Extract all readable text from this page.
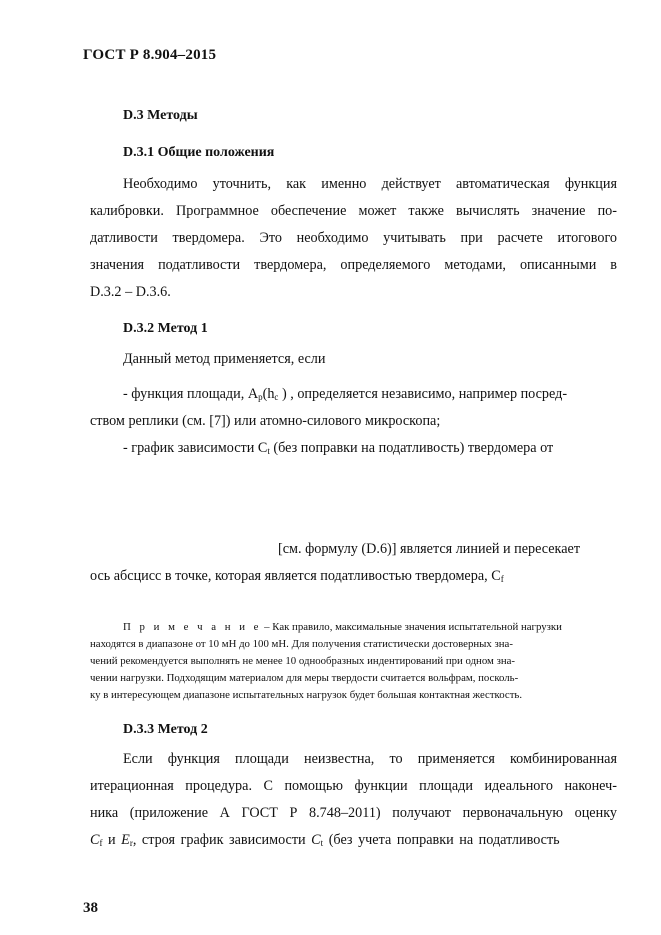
ГОСТ Р 8.904–2015
D.3 Методы
D.3.1 Общие положения
Необходимо уточнить, как именно действует автоматическая функция
калибровки. Программное обеспечение может также вычислять значение по-
датливости твердомера. Это необходимо учитывать при расчете итогового
значения податливости твердомера, определяемого методами, описанными в
D.3.2 – D.3.6.
D.3.2 Метод 1
Данный метод применяется, если
- функция площади, $A_p(h_c$ ) , определяется независимо, например посред-
ством реплики (см. [7]) или атомно-силового микроскопа;
- график зависимости $C_t$ (без поправки на податливость) твердомера от
[см. формулу (D.6)] является линией и пересекает
ось абсцисс в точке, которая является податливостью твердомера, $C_f$
П р и м е ч а н и е – Как правило, максимальные значения испытательной нагрузки
находятся в диапазоне от 10 мН до 100 мН. Для получения статистически достоверных зна-
чений рекомендуется выполнять не менее 10 однообразных индентирований при одном зна-
чении нагрузки. Подходящим материалом для меры твердости считается вольфрам, посколь-
ку в интересующем диапазоне испытательных нагрузок будет большая контактная жесткость.
D.3.3 Метод 2
Если функция площади неизвестна, то применяется комбинированная
итерационная процедура. С помощью функции площади идеального наконеч-
ника (приложение А ГОСТ Р 8.748–2011) получают первоначальную оценку
$C_f$ и $E_r$, строя график зависимости $C_t$ (без учета поправки на податливость
38
